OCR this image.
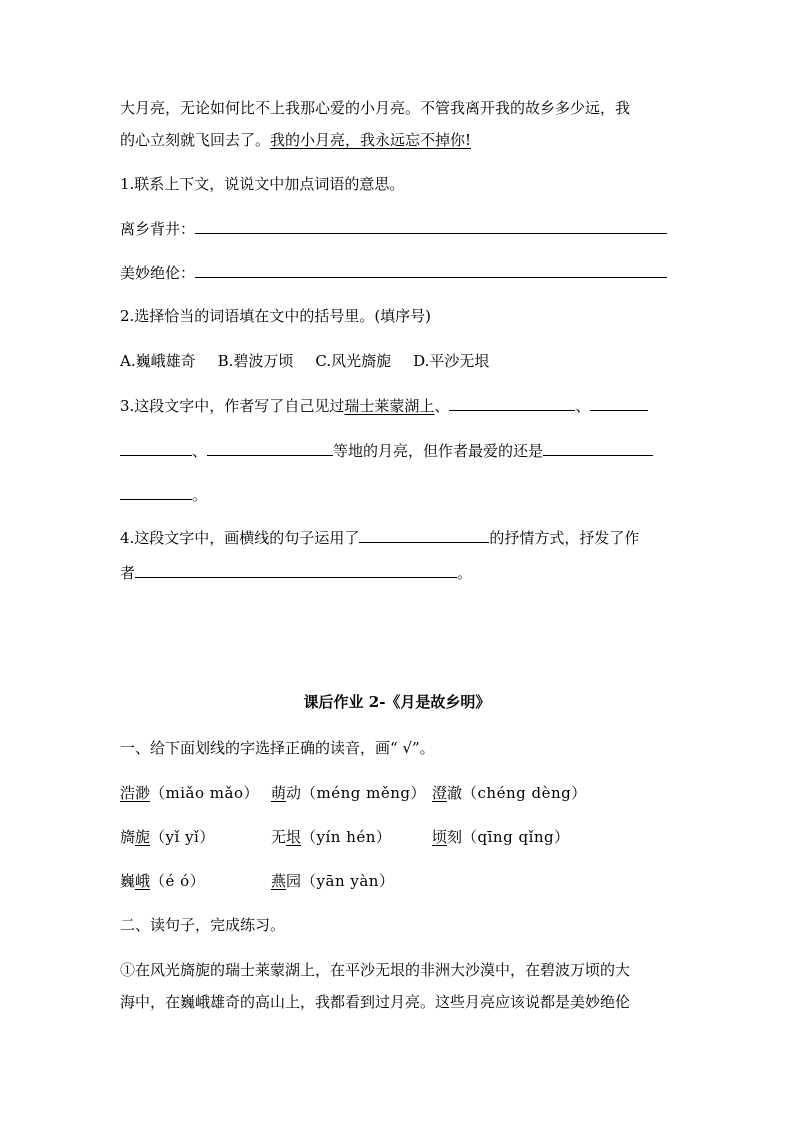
大月亮，无论如何比不上我那心爱的小月亮。不管我离开我的故乡多少远，我
的心立刻就飞回去了。我的小月亮，我永远忘不掉你!
1.联系上下文，说说文中加点词语的意思。
离乡背井：
美妙绝伦：
2.选择恰当的词语填在文中的括号里。(填序号)
A.巍峨雄奇 B.碧波万顷 C.风光旖旎 D.平沙无垠
3.这段文字中，作者写了自己见过瑞士莱蒙湖上、	、
、	等地的月亮，但作者最爱的还是
。
4.这段文字中，画横线的句子运用了	的抒情方式，抒发了作
者	。
课后作业 2-《月是故乡明》
一、给下面划线的字选择正确的读音，画“ √”。
浩渺（miǎo mǎo） 萌动（méng měng） 澄澈（chéng dèng）
旖旎（yǐ yǐ）	无垠（yín hén）	顷刻（qīng qǐng）
巍峨（é ó）	燕园（yān yàn）
二、读句子，完成练习。
①在风光旖旎的瑞士莱蒙湖上，在平沙无垠的非洲大沙漠中，在碧波万顷的大
海中，在巍峨雄奇的高山上，我都看到过月亮。这些月亮应该说都是美妙绝伦
